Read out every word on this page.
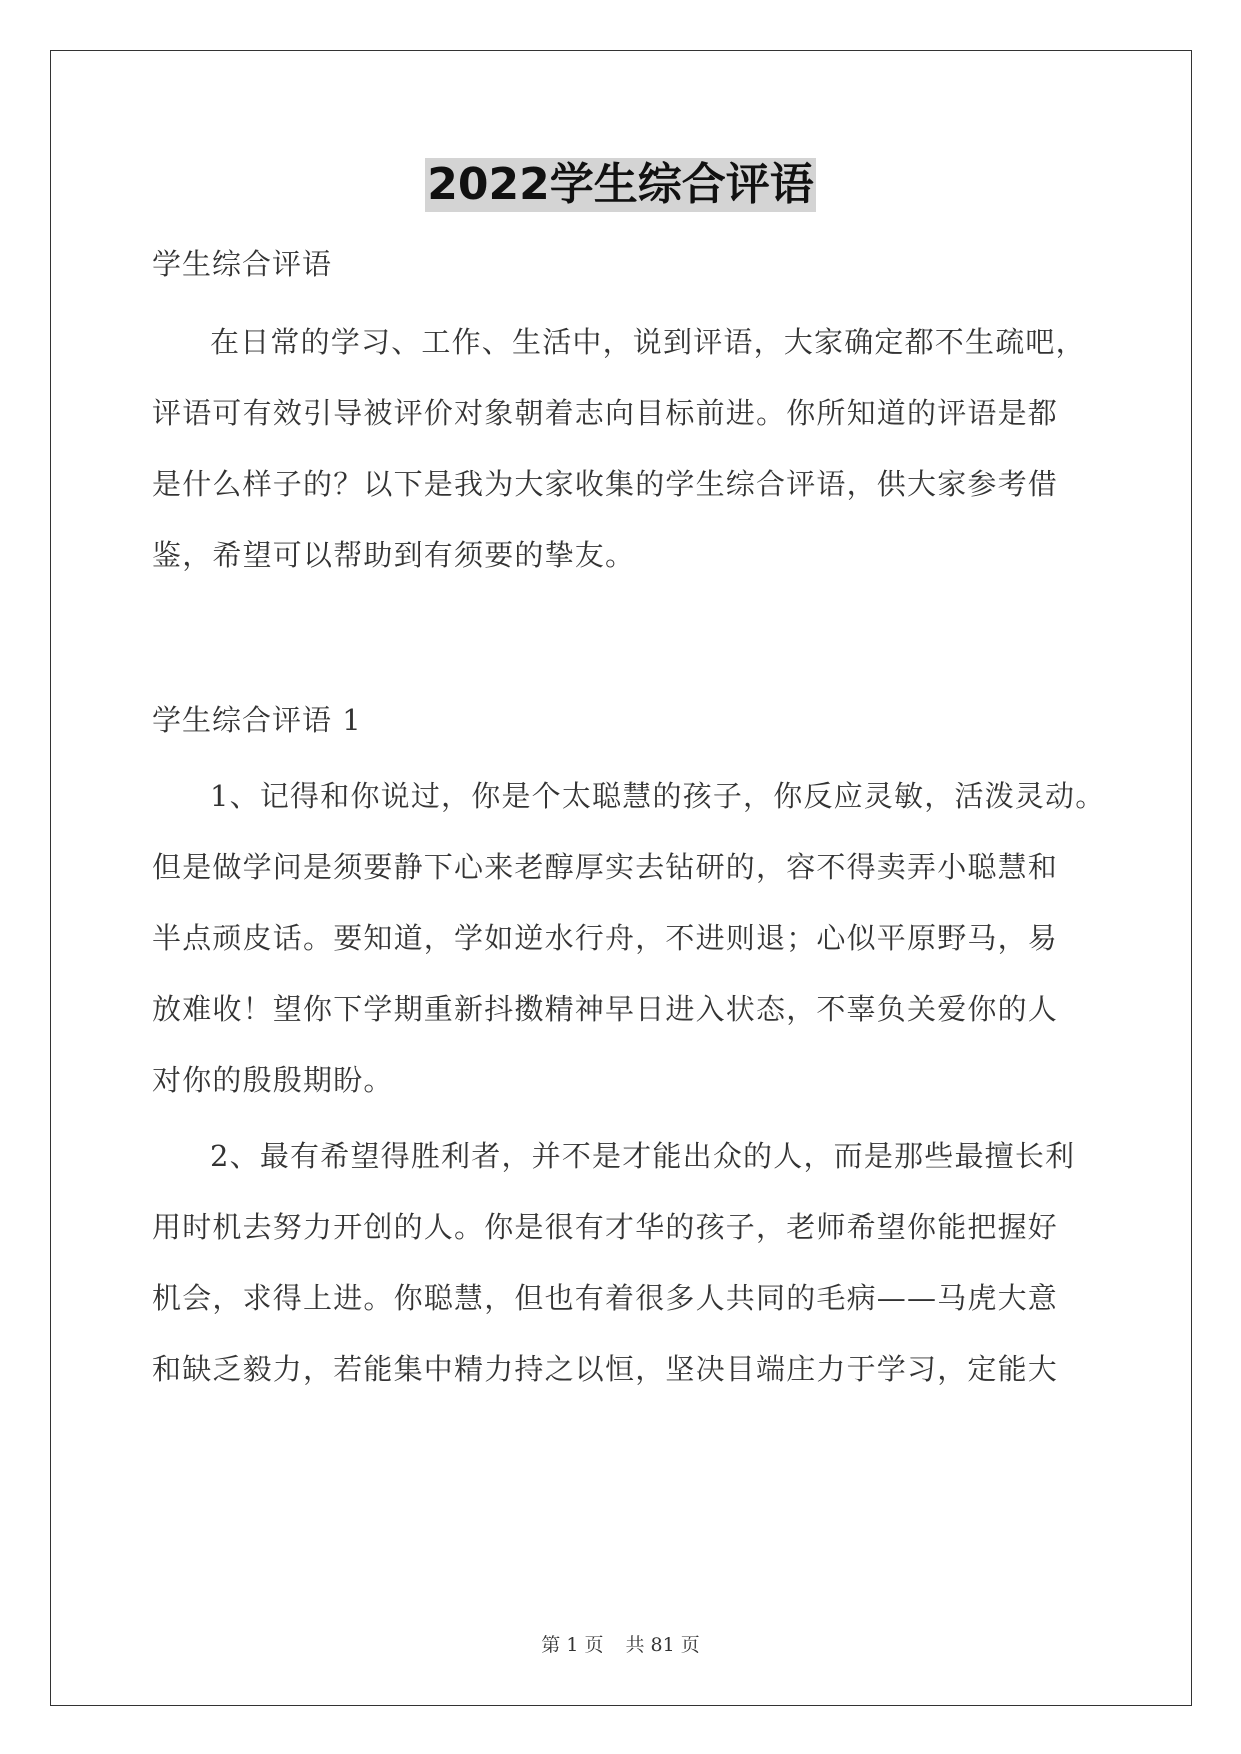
2022学生综合评语
学生综合评语
在日常的学习、工作、生活中，说到评语，大家确定都不生疏吧，
评语可有效引导被评价对象朝着志向目标前进。你所知道的评语是都
是什么样子的？以下是我为大家收集的学生综合评语，供大家参考借
鉴，希望可以帮助到有须要的挚友。
学生综合评语 1
1、记得和你说过，你是个太聪慧的孩子，你反应灵敏，活泼灵动。
但是做学问是须要静下心来老醇厚实去钻研的，容不得卖弄小聪慧和
半点顽皮话。要知道，学如逆水行舟，不进则退；心似平原野马，易
放难收！望你下学期重新抖擞精神早日进入状态，不辜负关爱你的人
对你的殷殷期盼。
2、最有希望得胜利者，并不是才能出众的人，而是那些最擅长利
用时机去努力开创的人。你是很有才华的孩子，老师希望你能把握好
机会，求得上进。你聪慧，但也有着很多人共同的毛病——马虎大意
和缺乏毅力，若能集中精力持之以恒，坚决目端庄力于学习，定能大
第 1 页 共 81 页
